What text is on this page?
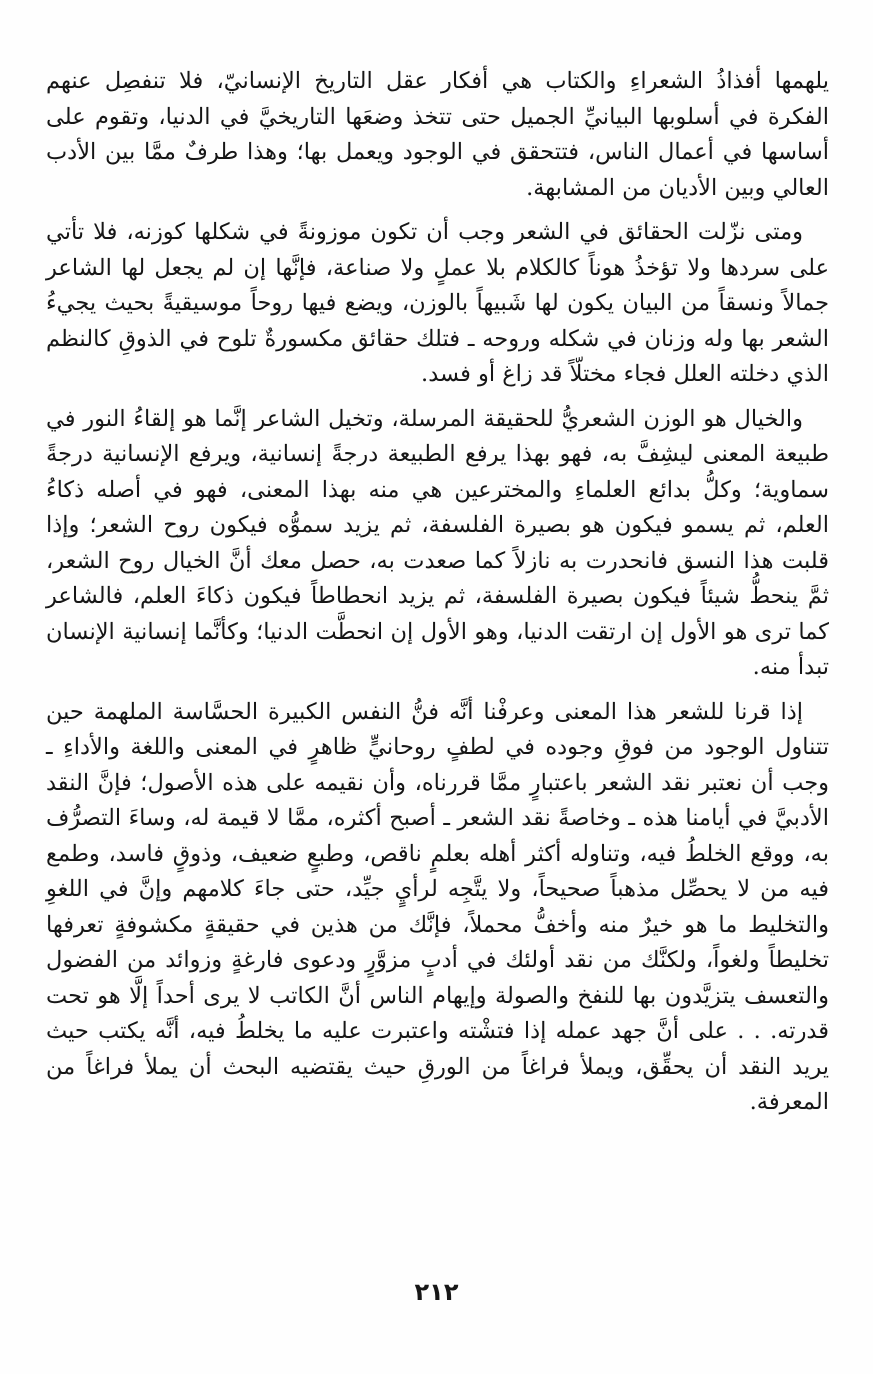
يلهمها أفذاذُ الشعراءِ والكتاب هي أفكار عقل التاريخ الإنسانيّ، فلا تنفصِل عنهم الفكرة في أسلوبها البيانيِّ الجميل حتى تتخذ وضعَها التاريخيَّ في الدنيا، وتقوم على أساسها في أعمال الناس، فتتحقق في الوجود ويعمل بها؛ وهذا طرفٌ ممَّا بين الأدب العالي وبين الأديان من المشابهة.

ومتى نزّلت الحقائق في الشعر وجب أن تكون موزونةً في شكلها كوزنه، فلا تأتي على سردها ولا تؤخذُ هوناً كالكلام بلا عملٍ ولا صناعة، فإنَّها إن لم يجعل لها الشاعر جمالاً ونسقاً من البيان يكون لها شَبيهاً بالوزن، ويضع فيها روحاً موسيقيةً بحيث يجيءُ الشعر بها وله وزنان في شكله وروحه ـ فتلك حقائق مكسورةٌ تلوح في الذوقِ كالنظم الذي دخلته العلل فجاء مختلّاً قد زاغ أو فسد.

والخيال هو الوزن الشعريُّ للحقيقة المرسلة، وتخيل الشاعر إنَّما هو إلقاءُ النور في طبيعة المعنى ليشِفَّ به، فهو بهذا يرفع الطبيعة درجةً إنسانية، ويرفع الإنسانية درجةً سماوية؛ وكلُّ بدائع العلماءِ والمخترعين هي منه بهذا المعنى، فهو في أصله ذكاءُ العلم، ثم يسمو فيكون هو بصيرة الفلسفة، ثم يزيد سموُّه فيكون روح الشعر؛ وإذا قلبت هذا النسق فانحدرت به نازلاً كما صعدت به، حصل معك أنَّ الخيال روح الشعر، ثمَّ ينحطُّ شيئاً فيكون بصيرة الفلسفة، ثم يزيد انحطاطاً فيكون ذكاءَ العلم، فالشاعر كما ترى هو الأول إن ارتقت الدنيا، وهو الأول إن انحطَّت الدنيا؛ وكأنَّما إنسانية الإنسان تبدأ منه.

إذا قرنا للشعر هذا المعنى وعرفْنا أنَّه فنُّ النفس الكبيرة الحسَّاسة الملهمة حين تتناول الوجود من فوقِ وجوده في لطفٍ روحانيٍّ ظاهرٍ في المعنى واللغة والأداءِ ـ وجب أن نعتبر نقد الشعر باعتبارٍ ممَّا قررناه، وأن نقيمه على هذه الأصول؛ فإنَّ النقد الأدبيَّ في أيامنا هذه ـ وخاصةً نقد الشعر ـ أصبح أكثره، ممَّا لا قيمة له، وساءَ التصرُّف به، ووقع الخلطُ فيه، وتناوله أكثر أهله بعلمٍ ناقص، وطبعٍ ضعيف، وذوقٍ فاسد، وطمع فيه من لا يحصِّل مذهباً صحيحاً، ولا يتَّجِه لرأيٍ جيِّد، حتى جاءَ كلامهم وإنَّ في اللغوِ والتخليط ما هو خيرٌ منه وأخفُّ محملاً، فإنَّك من هذين في حقيقةٍ مكشوفةٍ تعرفها تخليطاً ولغواً، ولكنَّك من نقد أولئك في أدبٍ مزوَّرٍ ودعوى فارغةٍ وزوائد من الفضول والتعسف يتزيَّدون بها للنفخ والصولة وإيهام الناس أنَّ الكاتب لا يرى أحداً إلَّا هو تحت قدرته. . . على أنَّ جهد عمله إذا فتشْته واعتبرت عليه ما يخلطُ فيه، أنَّه يكتب حيث يريد النقد أن يحقِّق، ويملأ فراغاً من الورقِ حيث يقتضيه البحث أن يملأ فراغاً من المعرفة.

٢١٢
